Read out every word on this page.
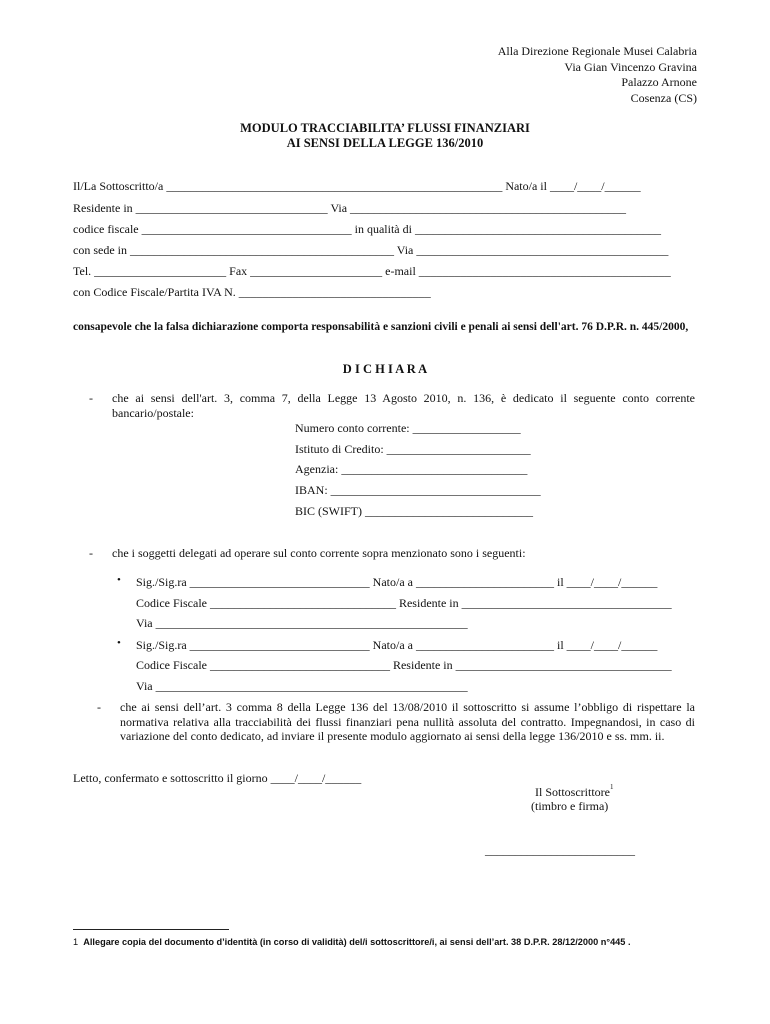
Alla Direzione Regionale Musei Calabria
Via Gian Vincenzo Gravina
Palazzo Arnone
Cosenza (CS)
MODULO TRACCIABILITA’ FLUSSI FINANZIARI
AI SENSI DELLA LEGGE 136/2010
Il/La Sottoscritto/a ________________________________________________________ Nato/a il ____/____/______
Residente in ________________________________ Via ______________________________________________
codice fiscale ___________________________________ in qualità di _________________________________________
con sede in ____________________________________________ Via __________________________________________
Tel. ______________________ Fax ______________________ e-mail __________________________________________
con Codice Fiscale/Partita IVA N. ________________________________
consapevole che la falsa dichiarazione comporta responsabilità e sanzioni civili e penali ai sensi dell'art. 76 D.P.R. n. 445/2000,
D I C H I A R A
- che ai sensi dell'art. 3, comma 7, della Legge 13 Agosto 2010, n. 136, è dedicato il seguente conto corrente bancario/postale:
Numero conto corrente: __________________
Istituto di Credito: ________________________
Agenzia: _______________________________
IBAN: ___________________________________
BIC (SWIFT) ____________________________
- che i soggetti delegati ad operare sul conto corrente sopra menzionato sono i seguenti:
• Sig./Sig.ra ______________________________ Nato/a a _______________________ il ____/____/______
Codice Fiscale _______________________________ Residente in ___________________________________
Via ____________________________________________________
• Sig./Sig.ra ______________________________ Nato/a a _______________________ il ____/____/______
Codice Fiscale ______________________________ Residente in ____________________________________
Via ____________________________________________________
- che ai sensi dell’art. 3 comma 8 della Legge 136 del 13/08/2010 il sottoscritto si assume l’obbligo di rispettare la normativa relativa alla tracciabilità dei flussi finanziari pena nullità assoluta del contratto. Impegnandosi, in caso di variazione del conto dedicato, ad inviare il presente modulo aggiornato ai sensi della legge 136/2010 e ss. mm. ii.
Letto, confermato e sottoscritto il giorno ____/____/______
Il Sottoscrittore$^1$
(timbro e firma)
_________________________
1 Allegare copia del documento d’identità (in corso di validità) del/i sottoscrittore/i, ai sensi dell’art. 38 D.P.R. 28/12/2000 n°445 .
